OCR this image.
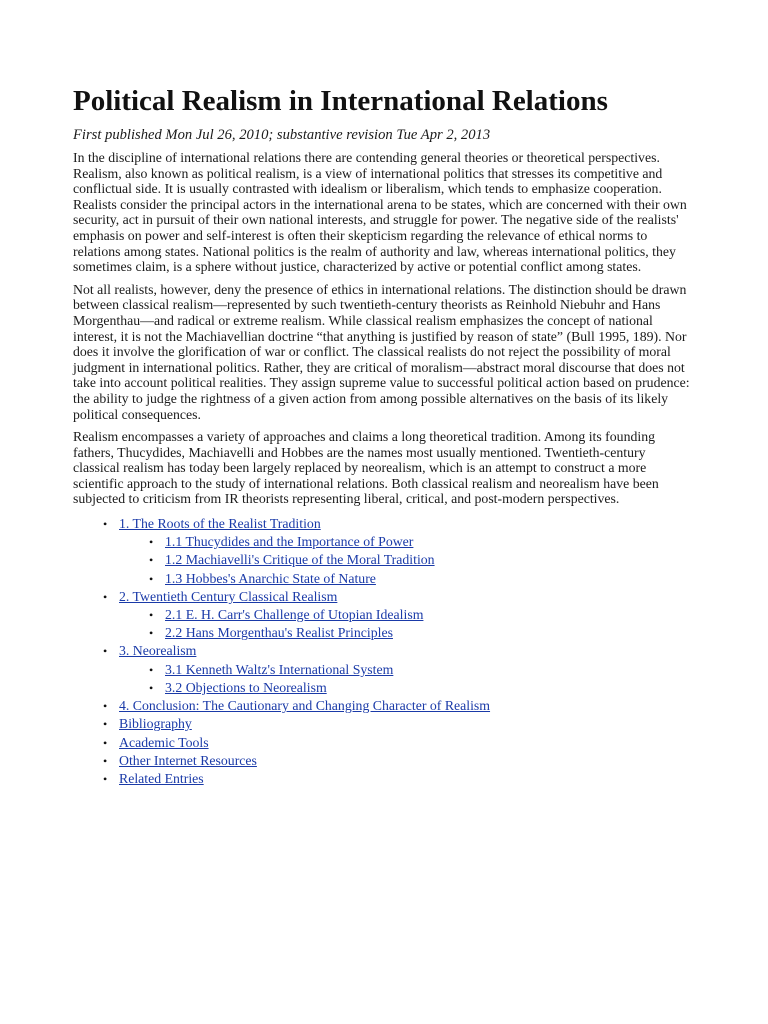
Political Realism in International Relations
First published Mon Jul 26, 2010; substantive revision Tue Apr 2, 2013

In the discipline of international relations there are contending general theories or theoretical perspectives. Realism, also known as political realism, is a view of international politics that stresses its competitive and conflictual side. It is usually contrasted with idealism or liberalism, which tends to emphasize cooperation. Realists consider the principal actors in the international arena to be states, which are concerned with their own security, act in pursuit of their own national interests, and struggle for power. The negative side of the realists' emphasis on power and self-interest is often their skepticism regarding the relevance of ethical norms to relations among states. National politics is the realm of authority and law, whereas international politics, they sometimes claim, is a sphere without justice, characterized by active or potential conflict among states.

Not all realists, however, deny the presence of ethics in international relations. The distinction should be drawn between classical realism—represented by such twentieth-century theorists as Reinhold Niebuhr and Hans Morgenthau—and radical or extreme realism. While classical realism emphasizes the concept of national interest, it is not the Machiavellian doctrine “that anything is justified by reason of state” (Bull 1995, 189). Nor does it involve the glorification of war or conflict. The classical realists do not reject the possibility of moral judgment in international politics. Rather, they are critical of moralism—abstract moral discourse that does not take into account political realities. They assign supreme value to successful political action based on prudence: the ability to judge the rightness of a given action from among possible alternatives on the basis of its likely political consequences.

Realism encompasses a variety of approaches and claims a long theoretical tradition. Among its founding fathers, Thucydides, Machiavelli and Hobbes are the names most usually mentioned. Twentieth-century classical realism has today been largely replaced by neorealism, which is an attempt to construct a more scientific approach to the study of international relations. Both classical realism and neorealism have been subjected to criticism from IR theorists representing liberal, critical, and post-modern perspectives.

• 1. The Roots of the Realist Tradition
• 1.1 Thucydides and the Importance of Power
• 1.2 Machiavelli's Critique of the Moral Tradition
• 1.3 Hobbes's Anarchic State of Nature
• 2. Twentieth Century Classical Realism
• 2.1 E. H. Carr's Challenge of Utopian Idealism
• 2.2 Hans Morgenthau's Realist Principles
• 3. Neorealism
• 3.1 Kenneth Waltz's International System
• 3.2 Objections to Neorealism
• 4. Conclusion: The Cautionary and Changing Character of Realism
• Bibliography
• Academic Tools
• Other Internet Resources
• Related Entries
